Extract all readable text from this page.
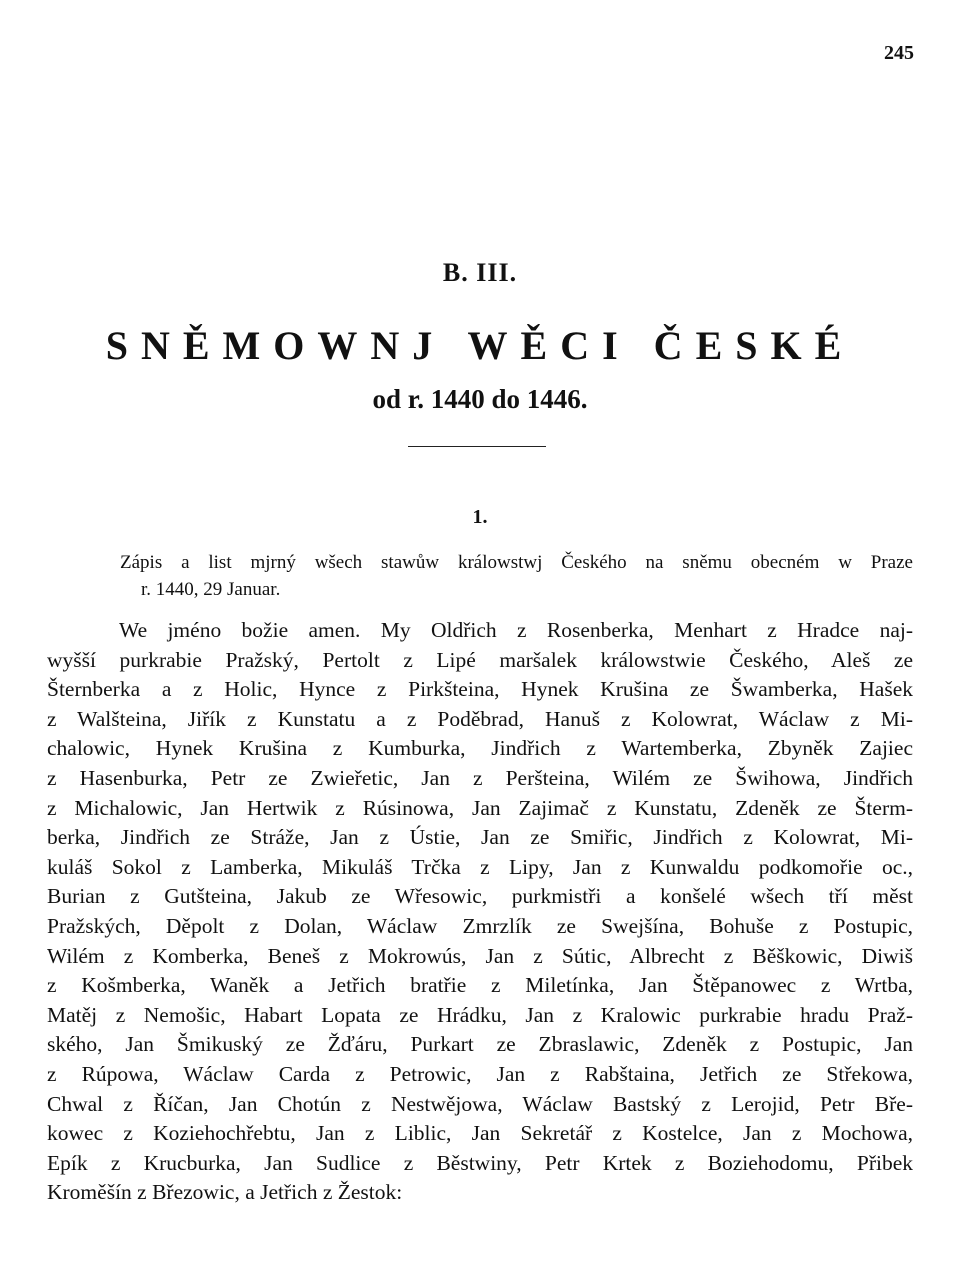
245
B. III.
SNĚMOWNJ WĚCI ČESKÉ
od r. 1440 do 1446.
1.
Zápis a list mjrný wšech stawůw králowstwj Českého na sněmu obecném w Praze
r. 1440, 29 Januar.
We jméno božie amen. My Oldřich z Rosenberka, Menhart z Hradce naj-
wyšší purkrabie Pražský, Pertolt z Lipé maršalek králowstwie Českého, Aleš ze
Šternberka a z Holic, Hynce z Pirkšteina, Hynek Krušina ze Šwamberka, Hašek
z Walšteina, Jiřík z Kunstatu a z Poděbrad, Hanuš z Kolowrat, Wáclaw z Mi-
chalowic, Hynek Krušina z Kumburka, Jindřich z Wartemberka, Zbyněk Zajiec
z Hasenburka, Petr ze Zwieřetic, Jan z Peršteina, Wilém ze Šwihowa, Jindřich
z Michalowic, Jan Hertwik z Rúsinowa, Jan Zajimač z Kunstatu, Zdeněk ze Šterm-
berka, Jindřich ze Stráže, Jan z Ústie, Jan ze Smiřic, Jindřich z Kolowrat, Mi-
kuláš Sokol z Lamberka, Mikuláš Trčka z Lipy, Jan z Kunwaldu podkomořie oc.,
Burian z Gutšteina, Jakub ze Wřesowic, purkmistři a konšelé wšech tří měst
Pražských, Děpolt z Dolan, Wáclaw Zmrzlík ze Swejšína, Bohuše z Postupic,
Wilém z Komberka, Beneš z Mokrowús, Jan z Sútic, Albrecht z Běškowic, Diwiš
z Košmberka, Waněk a Jetřich bratřie z Miletínka, Jan Štěpanowec z Wrtba,
Matěj z Nemošic, Habart Lopata ze Hrádku, Jan z Kralowic purkrabie hradu Praž-
ského, Jan Šmikuský ze Žďáru, Purkart ze Zbraslawic, Zdeněk z Postupic, Jan
z Rúpowa, Wáclaw Carda z Petrowic, Jan z Rabštaina, Jetřich ze Střekowa,
Chwal z Říčan, Jan Chotún z Nestwějowa, Wáclaw Bastský z Lerojid, Petr Bře-
kowec z Koziehochřebtu, Jan z Liblic, Jan Sekretář z Kostelce, Jan z Mochowa,
Epík z Krucburka, Jan Sudlice z Běstwiny, Petr Krtek z Boziehodomu, Přibek
Kroměšín z Březowic, a Jetřich z Žestok:
